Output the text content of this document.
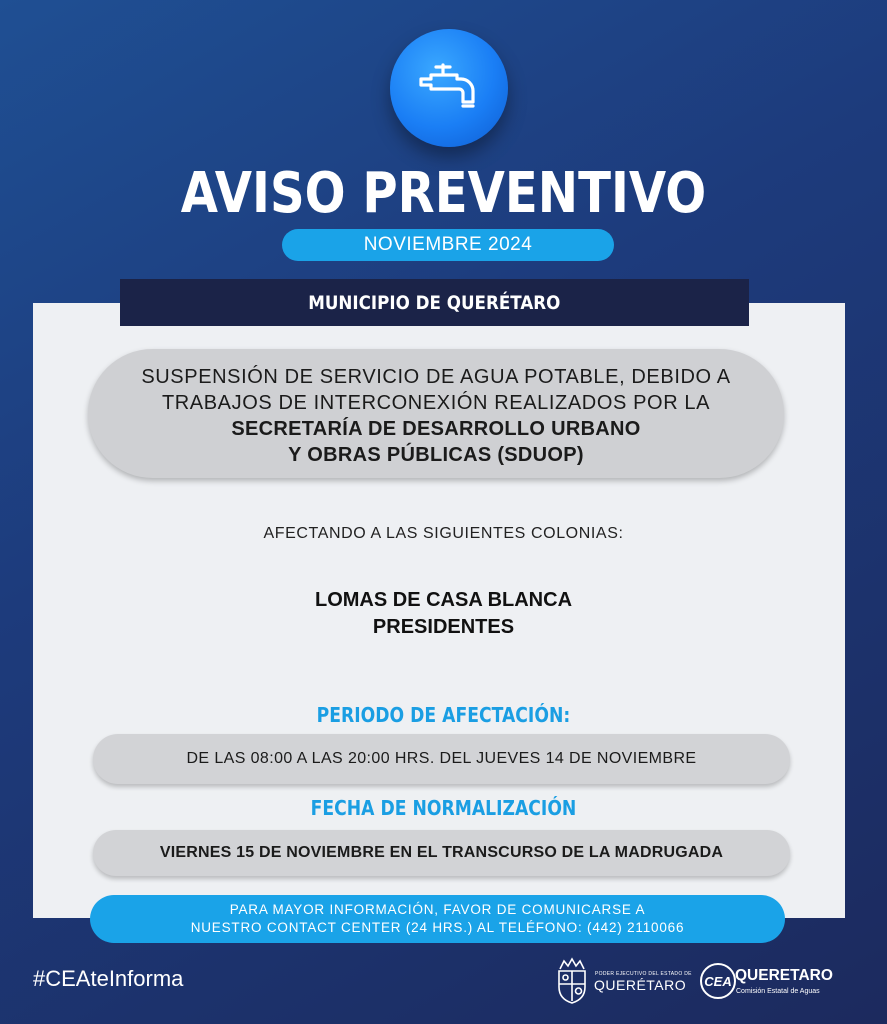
AVISO PREVENTIVO
NOVIEMBRE 2024
MUNICIPIO DE QUERÉTARO
SUSPENSIÓN DE SERVICIO DE AGUA POTABLE, DEBIDO A
TRABAJOS DE INTERCONEXIÓN REALIZADOS POR LA
SECRETARÍA DE DESARROLLO URBANO
Y OBRAS PÚBLICAS (SDUOP)
AFECTANDO A LAS SIGUIENTES COLONIAS:
LOMAS DE CASA BLANCA
PRESIDENTES
PERIODO DE AFECTACIÓN:
DE LAS 08:00 A LAS 20:00 HRS. DEL JUEVES 14 DE NOVIEMBRE
FECHA DE NORMALIZACIÓN
VIERNES 15 DE NOVIEMBRE EN EL TRANSCURSO DE LA MADRUGADA
PARA MAYOR INFORMACIÓN, FAVOR DE COMUNICARSE A
NUESTRO CONTACT CENTER (24 HRS.) AL TELÉFONO: (442) 2110066
#CEAteInforma	PODER EJECUTIVO DEL ESTADO DE
QUERÉTARO	CEA QUERETARO
Comisión Estatal de Aguas
